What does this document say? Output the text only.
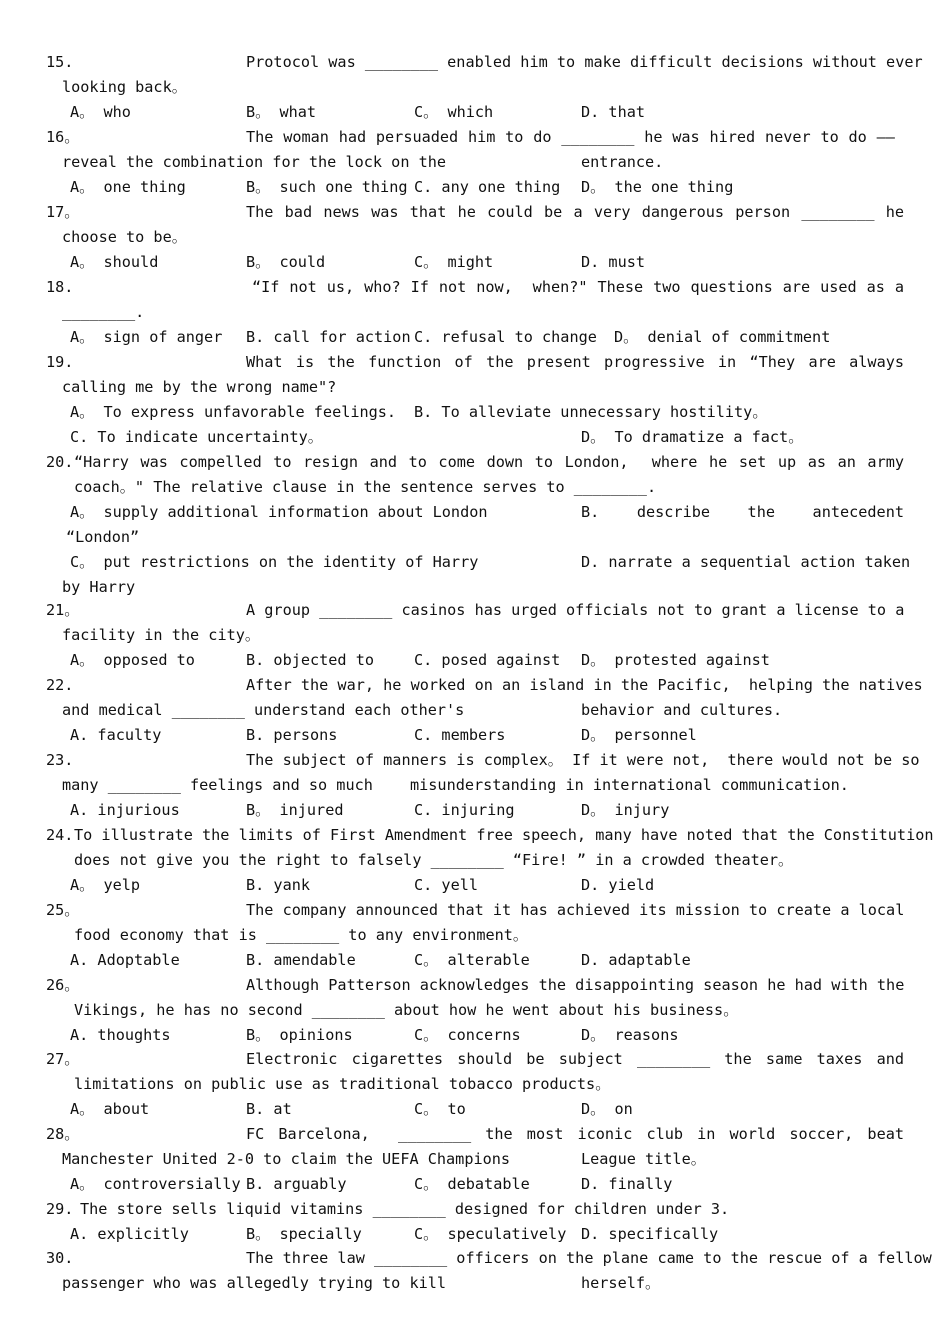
15.	Protocol was ________ enabled him to make difficult decisions without ever
looking back。
A。 who	B。 what	C。 which	D. that
16。	The woman had persuaded him to do ________ he was hired never to do ——
reveal the combination for the lock on the	entrance.
A。 one thing	B。 such one thing C. any one thing D。 the one thing
17。	The bad news was that he could be a very dangerous person ________ he
choose to be。
A。 should	B。 could	C。 might	D. must
18.	“If not us, who? If not now,  when?" These two questions are used as a
________.
A。 sign of anger B. call for action C. refusal to change D。 denial of commitment
19.	What is the function of the present progressive in “They are always
calling me by the wrong name"?
A。 To express unfavorable feelings. B. To alleviate unnecessary hostility。
C. To indicate uncertainty。	D。 To dramatize a fact。
20. “Harry was compelled to resign and to come down to London,  where he set up as an army
coach。" The relative clause in the sentence serves to ________.
A。 supply additional information about London	B. describe the antecedent
“London”
C。 put restrictions on the identity of Harry	D. narrate a sequential action taken
by Harry
21。	A group ________ casinos has urged officials not to grant a license to a
facility in the city。
A。 opposed to	B. objected to	C. posed against D。 protested against
22.	After the war, he worked on an island in the Pacific,  helping the natives
and medical ________ understand each other's	behavior and cultures.
A. faculty	B. persons	C. members	D。 personnel
23.	The subject of manners is complex。 If it were not,  there would not be so
many ________ feelings and so much misunderstanding in international communication.
A. injurious	B。 injured	C. injuring	D。 injury
24. To illustrate the limits of First Amendment free speech, many have noted that the Constitution
does not give you the right to falsely ________ “Fire! ” in a crowded theater。
A。 yelp	B. yank	C. yell	D. yield
25。	The company announced that it has achieved its mission to create a local
food economy that is ________ to any environment。
A. Adoptable	B. amendable	C。 alterable	D. adaptable
26。	Although Patterson acknowledges the disappointing season he had with the
Vikings, he has no second ________ about how he went about his business。
A. thoughts	B。 opinions	C。 concerns	D。 reasons
27。	Electronic cigarettes should be subject ________ the same taxes and
limitations on public use as traditional tobacco products。
A。 about	B. at	C。 to	D。 on
28。	FC Barcelona,  ________ the most iconic club in world soccer, beat
Manchester United 2-0 to claim the UEFA Champions	League title。
A。 controversially B. arguably	C。 debatable	D. finally
29. The store sells liquid vitamins ________ designed for children under 3.
A. explicitly	B。 specially	C。 speculatively D. specifically
30.	The three law ________ officers on the plane came to the rescue of a fellow
passenger who was allegedly trying to kill	herself。
